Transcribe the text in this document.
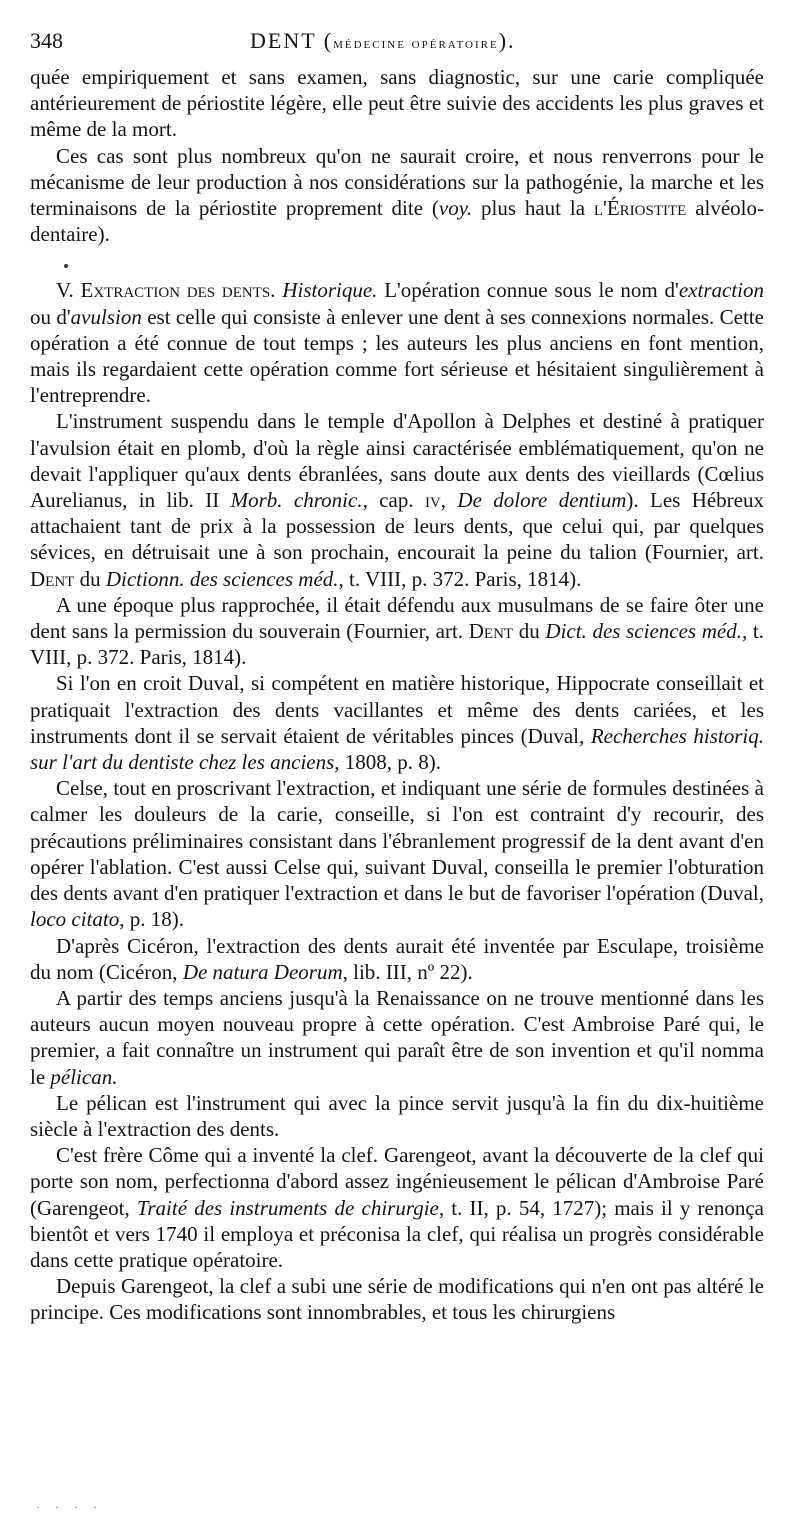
348	DENT (médecine opératoire).

quée empiriquement et sans examen, sans diagnostic, sur une carie compliquée antérieurement de périostite légère, elle peut être suivie des accidents les plus graves et même de la mort.

Ces cas sont plus nombreux qu'on ne saurait croire, et nous renverrons pour le mécanisme de leur production à nos considérations sur la pathogénie, la marche et les terminaisons de la périostite proprement dite (voy. plus haut la l'Ériostite alvéolo-dentaire).

V. Extraction des dents. Historique. L'opération connue sous le nom d'extraction ou d'avulsion est celle qui consiste à enlever une dent à ses connexions normales. Cette opération a été connue de tout temps ; les auteurs les plus anciens en font mention, mais ils regardaient cette opération comme fort sérieuse et hésitaient singulièrement à l'entreprendre.

L'instrument suspendu dans le temple d'Apollon à Delphes et destiné à pratiquer l'avulsion était en plomb, d'où la règle ainsi caractérisée emblématiquement, qu'on ne devait l'appliquer qu'aux dents ébranlées, sans doute aux dents des vieillards (Cœlius Aurelianus, in lib. II Morb. chronic., cap. iv, De dolore dentium). Les Hébreux attachaient tant de prix à la possession de leurs dents, que celui qui, par quelques sévices, en détruisait une à son prochain, encourait la peine du talion (Fournier, art. Dent du Dictionn. des sciences méd., t. VIII, p. 372. Paris, 1814).

A une époque plus rapprochée, il était défendu aux musulmans de se faire ôter une dent sans la permission du souverain (Fournier, art. Dent du Dict. des sciences méd., t. VIII, p. 372. Paris, 1814).

Si l'on en croit Duval, si compétent en matière historique, Hippocrate conseillait et pratiquait l'extraction des dents vacillantes et même des dents cariées, et les instruments dont il se servait étaient de véritables pinces (Duval, Recherches historiq. sur l'art du dentiste chez les anciens, 1808, p. 8).

Celse, tout en proscrivant l'extraction, et indiquant une série de formules destinées à calmer les douleurs de la carie, conseille, si l'on est contraint d'y recourir, des précautions préliminaires consistant dans l'ébranlement progressif de la dent avant d'en opérer l'ablation. C'est aussi Celse qui, suivant Duval, conseilla le premier l'obturation des dents avant d'en pratiquer l'extraction et dans le but de favoriser l'opération (Duval, loco citato, p. 18).

D'après Cicéron, l'extraction des dents aurait été inventée par Esculape, troisième du nom (Cicéron, De natura Deorum, lib. III, nº 22).

A partir des temps anciens jusqu'à la Renaissance on ne trouve mentionné dans les auteurs aucun moyen nouveau propre à cette opération. C'est Ambroise Paré qui, le premier, a fait connaître un instrument qui paraît être de son invention et qu'il nomma le pélican.

Le pélican est l'instrument qui avec la pince servit jusqu'à la fin du dix-huitième siècle à l'extraction des dents.

C'est frère Côme qui a inventé la clef. Garengeot, avant la découverte de la clef qui porte son nom, perfectionna d'abord assez ingénieusement le pélican d'Ambroise Paré (Garengeot, Traité des instruments de chirurgie, t. II, p. 54, 1727); mais il y renonça bientôt et vers 1740 il employa et préconisa la clef, qui réalisa un progrès considérable dans cette pratique opératoire.

Depuis Garengeot, la clef a subi une série de modifications qui n'en ont pas altéré le principe. Ces modifications sont innombrables, et tous les chirurgiens

· · · ·
